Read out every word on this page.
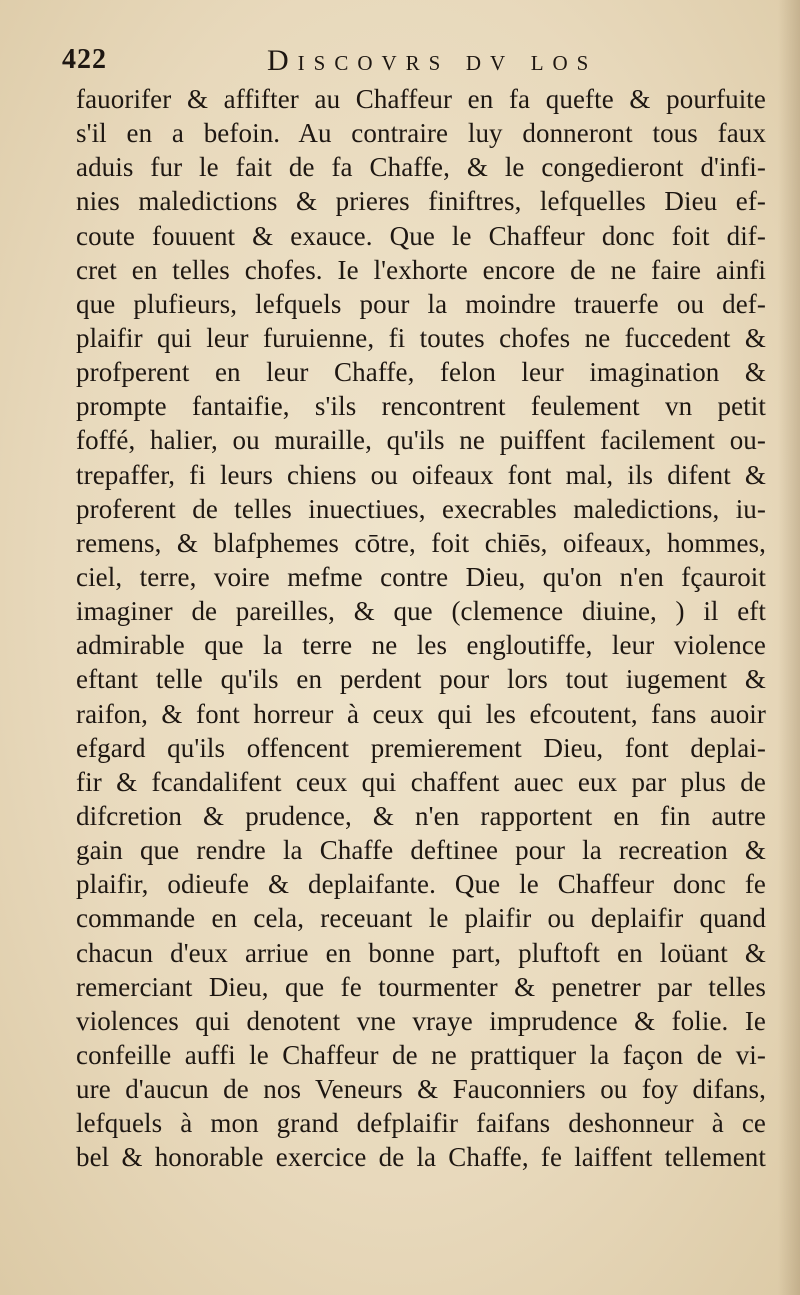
422	Discovrs dv los
fauorifer & affifter au Chaffeur en fa quefte & pourfuite
s'il en a befoin. Au contraire luy donneront tous faux
aduis fur le fait de fa Chaffe, & le congedieront d'infi-
nies maledictions & prieres finiftres, lefquelles Dieu ef-
coute fouuent & exauce. Que le Chaffeur donc foit dif-
cret en telles chofes. Ie l'exhorte encore de ne faire ainfi
que plufieurs, lefquels pour la moindre trauerfe ou def-
plaifir qui leur furuienne, fi toutes chofes ne fuccedent &
profperent en leur Chaffe, felon leur imagination &
prompte fantaifie, s'ils rencontrent feulement vn petit
foffé, halier, ou muraille, qu'ils ne puiffent facilement ou-
trepaffer, fi leurs chiens ou oifeaux font mal, ils difent &
proferent de telles inuectiues, execrables maledictions, iu-
remens, & blafphemes cōtre, foit chiēs, oifeaux, hommes,
ciel, terre, voire mefme contre Dieu, qu'on n'en fçauroit
imaginer de pareilles, & que (clemence diuine, ) il eft
admirable que la terre ne les engloutiffe, leur violence
eftant telle qu'ils en perdent pour lors tout iugement &
raifon, & font horreur à ceux qui les efcoutent, fans auoir
efgard qu'ils offencent premierement Dieu, font deplai-
fir & fcandalifent ceux qui chaffent auec eux par plus de
difcretion & prudence, & n'en rapportent en fin autre
gain que rendre la Chaffe deftinee pour la recreation &
plaifir, odieufe & deplaifante. Que le Chaffeur donc fe
commande en cela, receuant le plaifir ou deplaifir quand
chacun d'eux arriue en bonne part, pluftoft en loüant &
remerciant Dieu, que fe tourmenter & penetrer par telles
violences qui denotent vne vraye imprudence & folie. Ie
confeille auffi le Chaffeur de ne prattiquer la façon de vi-
ure d'aucun de nos Veneurs & Fauconniers ou foy difans,
lefquels à mon grand defplaifir faifans deshonneur à ce
bel & honorable exercice de la Chaffe, fe laiffent tellement
